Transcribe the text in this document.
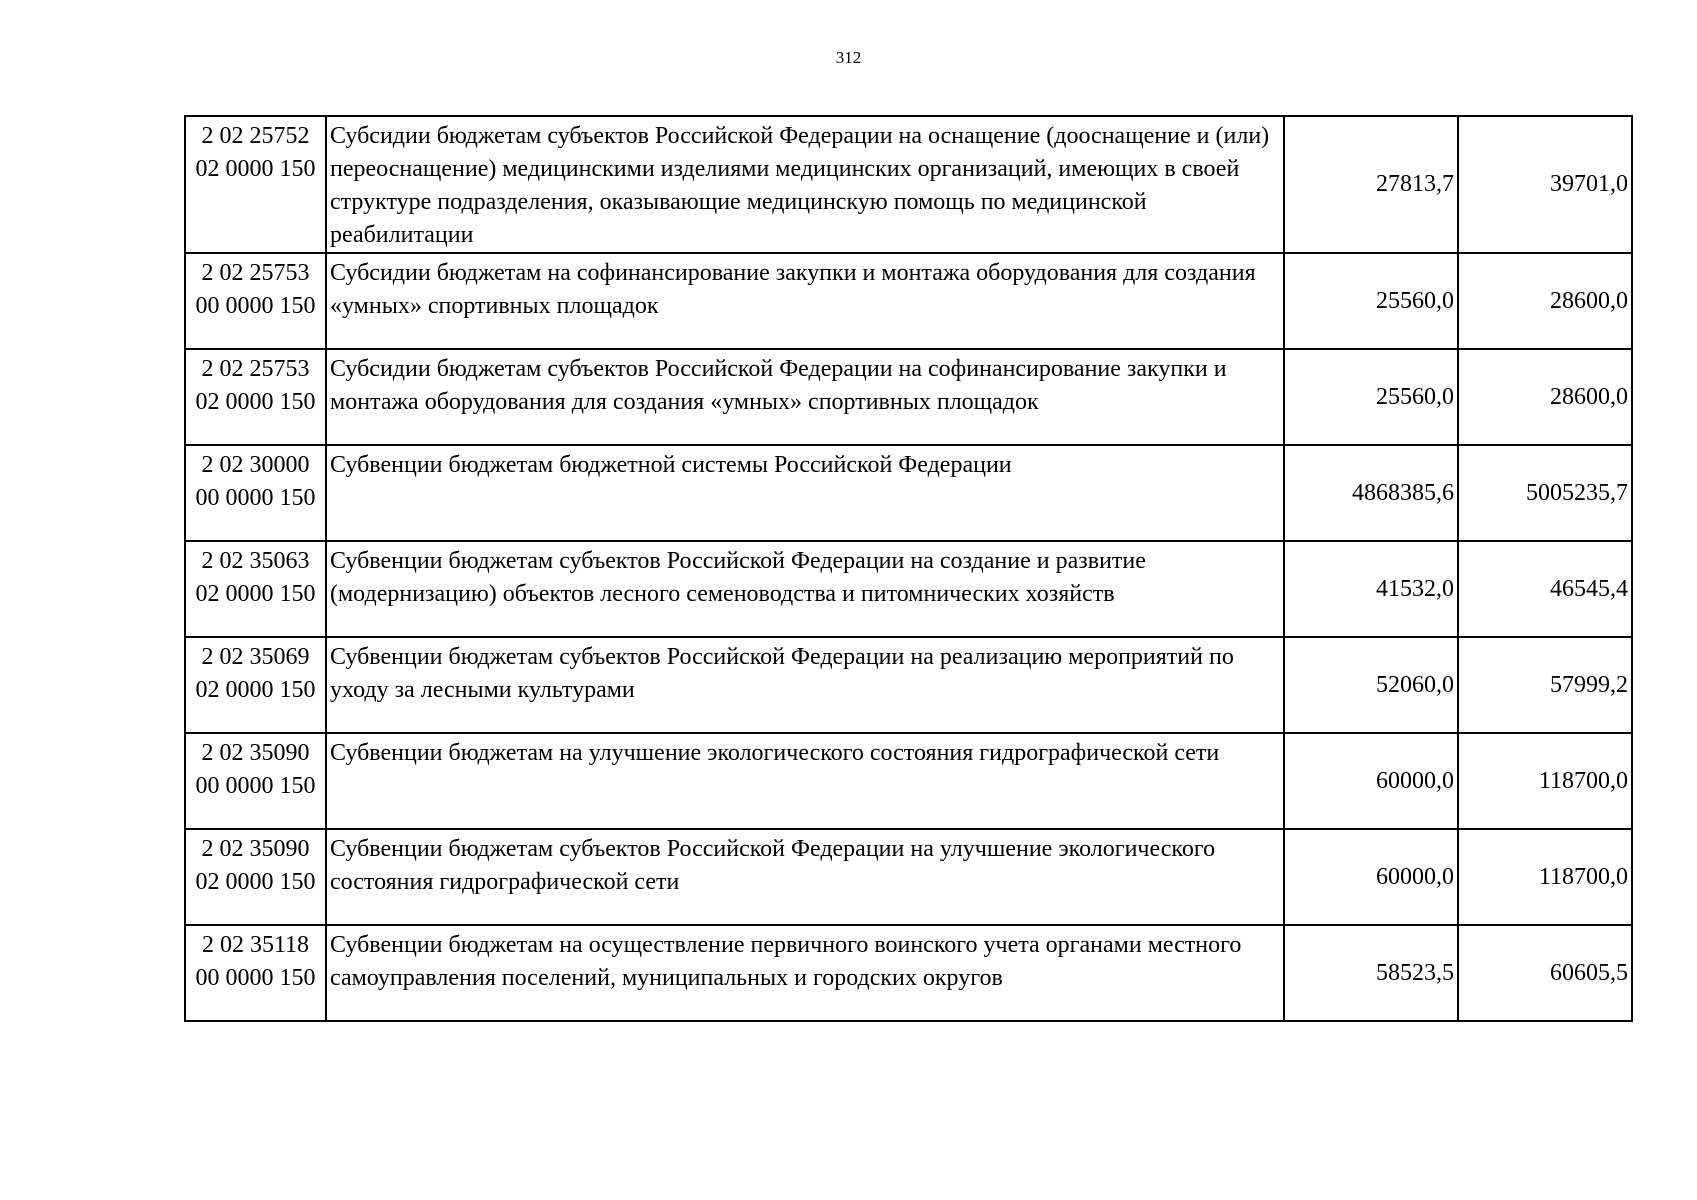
312
2 02 25752
02 0000 150	Субсидии бюджетам субъектов Российской Федерации на оснащение (дооснащение и (или) переоснащение) медицинскими изделиями медицинских организаций, имеющих в своей структуре подразделения, оказывающие медицинскую помощь по медицинской реабилитации	27813,7	39701,0

2 02 25753
00 0000 150	Субсидии бюджетам на софинансирование закупки и монтажа оборудования для создания «умных» спортивных площадок	25560,0	28600,0

2 02 25753
02 0000 150	Субсидии бюджетам субъектов Российской Федерации на софинансирование закупки и монтажа оборудования для создания «умных» спортивных площадок	25560,0	28600,0

2 02 30000
00 0000 150	Субвенции бюджетам бюджетной системы Российской Федерации	4868385,6	5005235,7

2 02 35063
02 0000 150	Субвенции бюджетам субъектов Российской Федерации на создание и развитие (модернизацию) объектов лесного семеноводства и питомнических хозяйств	41532,0	46545,4

2 02 35069
02 0000 150	Субвенции бюджетам субъектов Российской Федерации на реализацию мероприятий по уходу за лесными культурами	52060,0	57999,2

2 02 35090
00 0000 150	Субвенции бюджетам на улучшение экологического состояния гидрографической сети	60000,0	118700,0

2 02 35090
02 0000 150	Субвенции бюджетам субъектов Российской Федерации на улучшение экологического состояния гидрографической сети	60000,0	118700,0

2 02 35118
00 0000 150	Субвенции бюджетам на осуществление первичного воинского учета органами местного самоуправления поселений, муниципальных и городских округов	58523,5	60605,5
